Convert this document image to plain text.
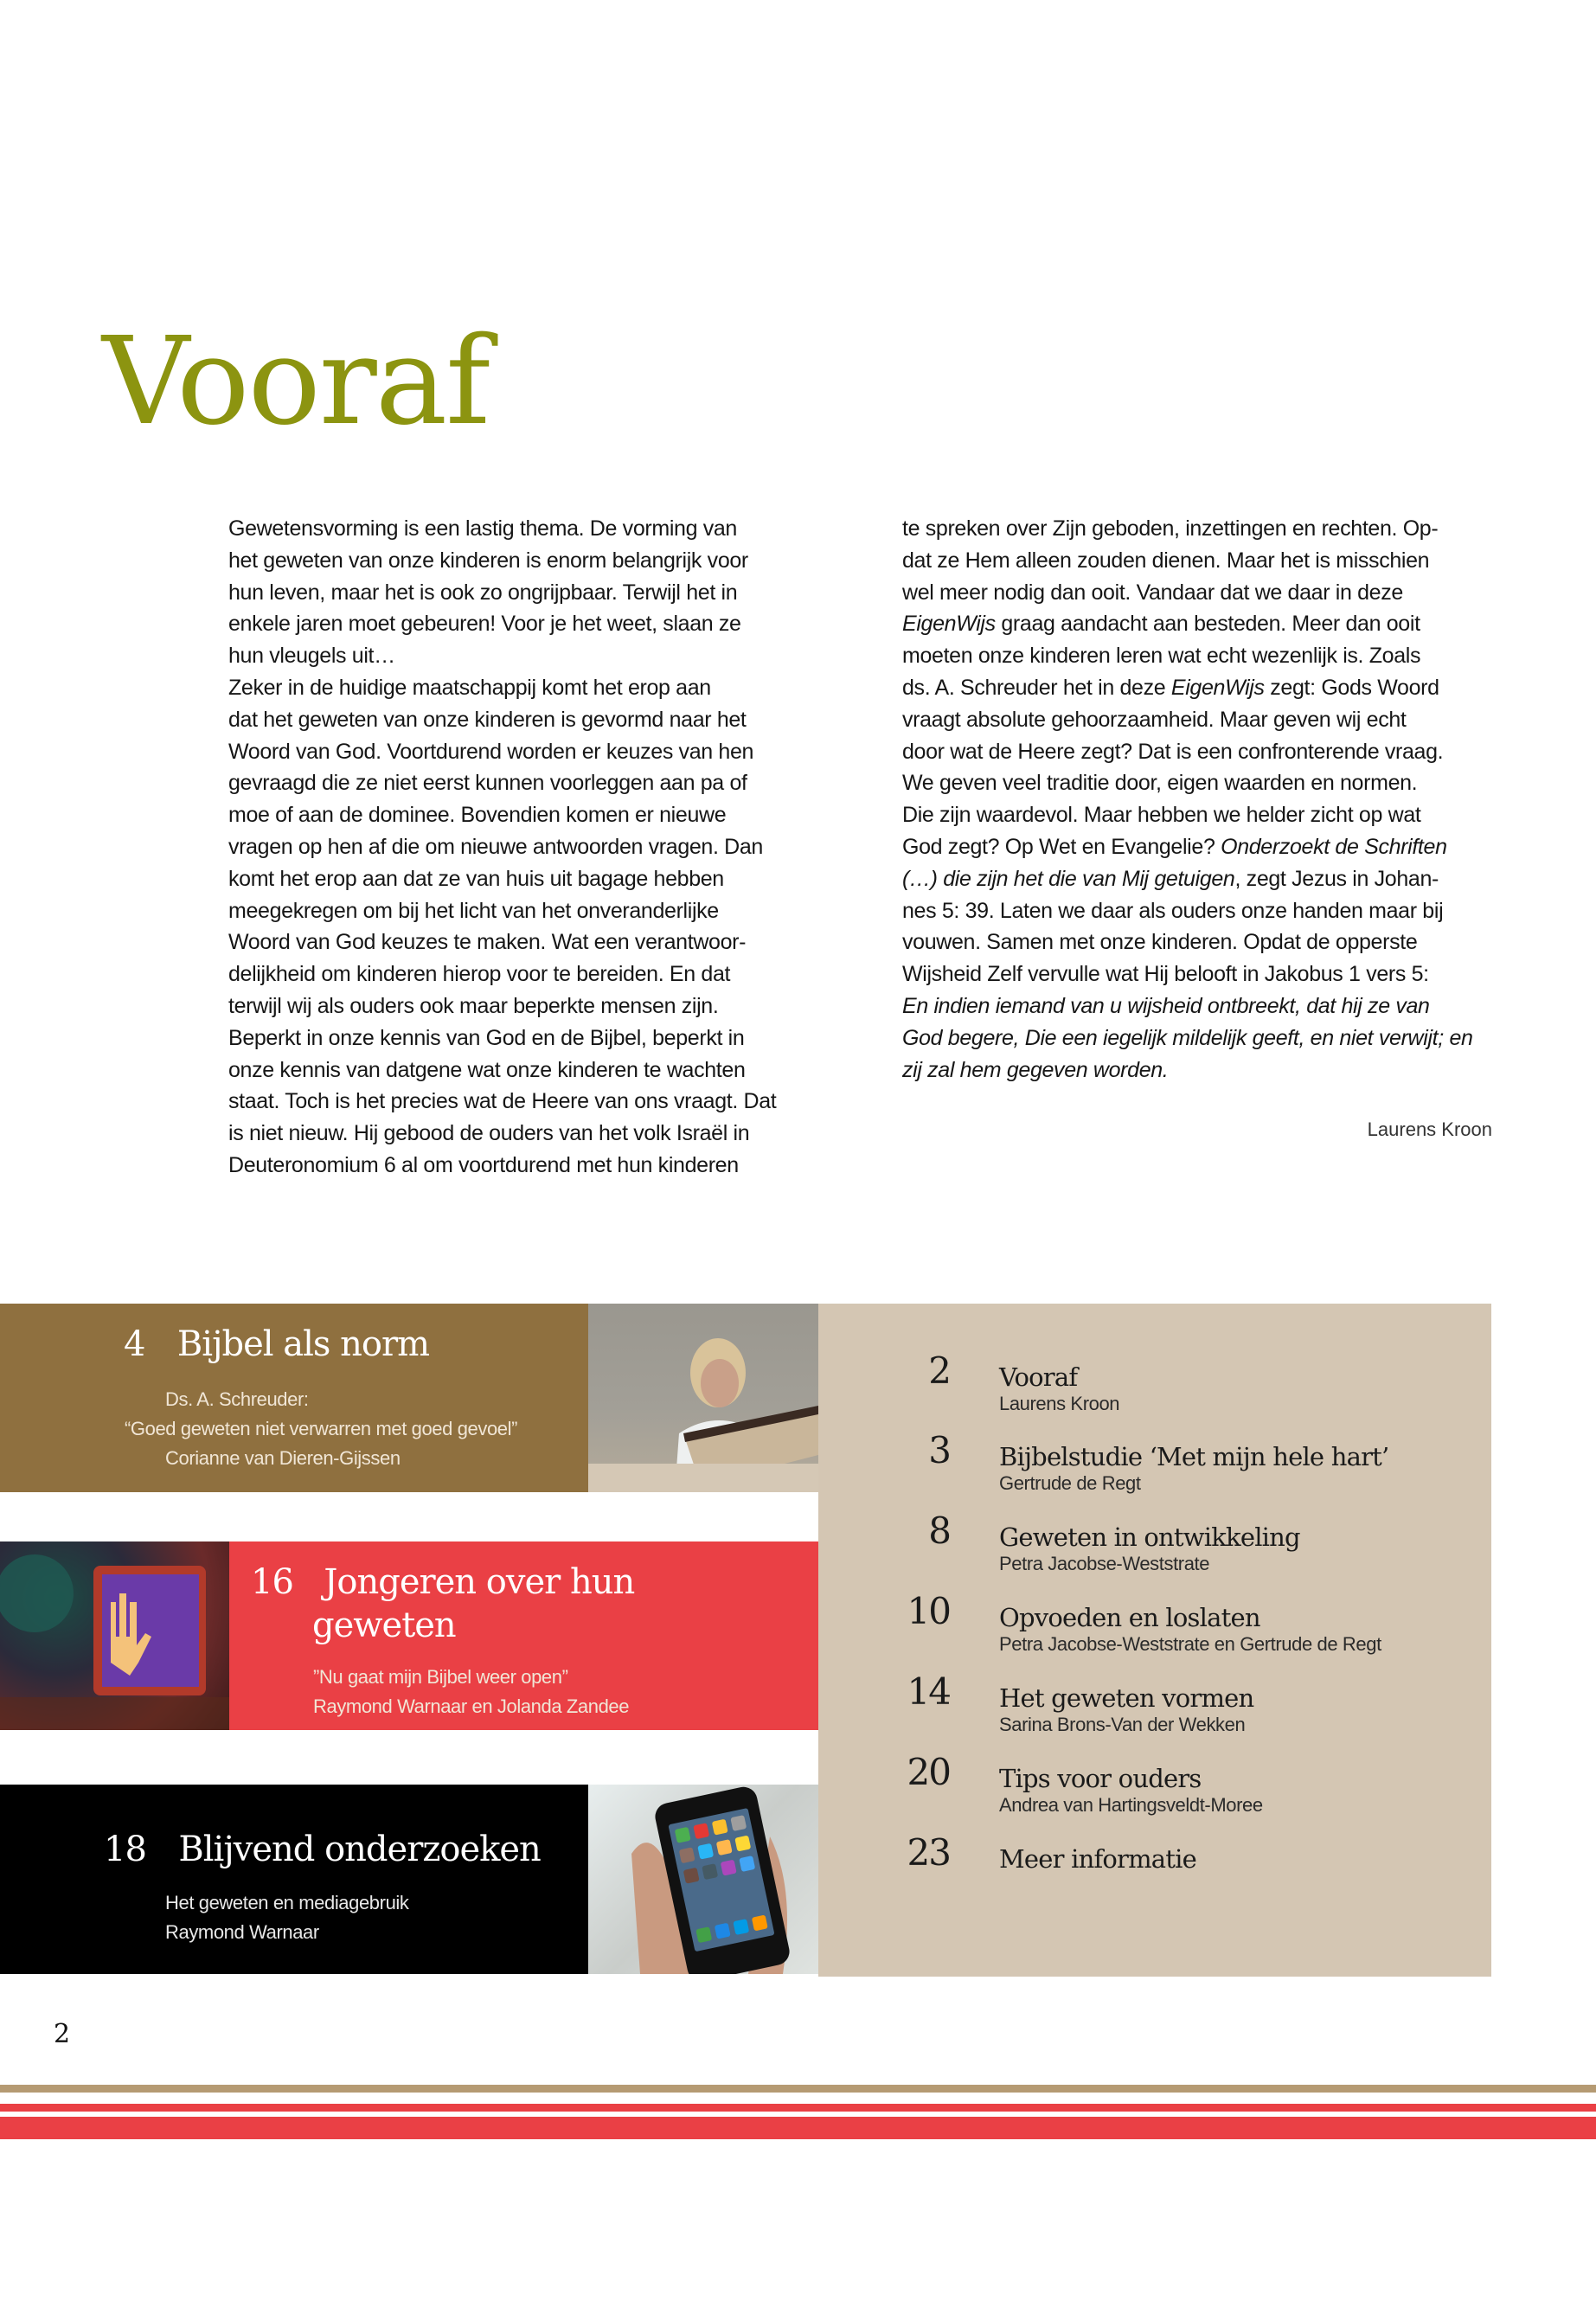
Vooraf
Gewetensvorming is een lastig thema. De vorming van
het geweten van onze kinderen is enorm belangrijk voor
hun leven, maar het is ook zo ongrijpbaar. Terwijl het in
enkele jaren moet gebeuren! Voor je het weet, slaan ze
hun vleugels uit…
Zeker in de huidige maatschappij komt het erop aan
dat het geweten van onze kinderen is gevormd naar het
Woord van God. Voortdurend worden er keuzes van hen
gevraagd die ze niet eerst kunnen voorleggen aan pa of
moe of aan de dominee. Bovendien komen er nieuwe
vragen op hen af die om nieuwe antwoorden vragen. Dan
komt het erop aan dat ze van huis uit bagage hebben
meegekregen om bij het licht van het onveranderlijke
Woord van God keuzes te maken. Wat een verantwoor-
delijkheid om kinderen hierop voor te bereiden. En dat
terwijl wij als ouders ook maar beperkte mensen zijn.
Beperkt in onze kennis van God en de Bijbel, beperkt in
onze kennis van datgene wat onze kinderen te wachten
staat. Toch is het precies wat de Heere van ons vraagt. Dat
is niet nieuw. Hij gebood de ouders van het volk Israël in
Deuteronomium 6 al om voortdurend met hun kinderen
te spreken over Zijn geboden, inzettingen en rechten. Op-
dat ze Hem alleen zouden dienen. Maar het is misschien
wel meer nodig dan ooit. Vandaar dat we daar in deze
EigenWijs graag aandacht aan besteden. Meer dan ooit
moeten onze kinderen leren wat echt wezenlijk is. Zoals
ds. A. Schreuder het in deze EigenWijs zegt: Gods Woord
vraagt absolute gehoorzaamheid. Maar geven wij echt
door wat de Heere zegt? Dat is een confronterende vraag.
We geven veel traditie door, eigen waarden en normen.
Die zijn waardevol. Maar hebben we helder zicht op wat
God zegt? Op Wet en Evangelie? Onderzoekt de Schriften
(…) die zijn het die van Mij getuigen, zegt Jezus in Johan-
nes 5: 39. Laten we daar als ouders onze handen maar bij
vouwen. Samen met onze kinderen. Opdat de opperste
Wijsheid Zelf vervulle wat Hij belooft in Jakobus 1 vers 5:
En indien iemand van u wijsheid ontbreekt, dat hij ze van
God begere, Die een iegelijk mildelijk geeft, en niet verwijt; en
zij zal hem gegeven worden.
Laurens Kroon
4 Bijbel als norm
Ds. A. Schreuder:
“Goed geweten niet verwarren met goed gevoel”
Corianne van Dieren-Gijssen
16 Jongeren over hun
geweten
”Nu gaat mijn Bijbel weer open”
Raymond Warnaar en Jolanda Zandee
18 Blijvend onderzoeken
Het geweten en mediagebruik
Raymond Warnaar
2 Vooraf
Laurens Kroon
3 Bijbelstudie ‘Met mijn hele hart’
Gertrude de Regt
8 Geweten in ontwikkeling
Petra Jacobse-Weststrate
10 Opvoeden en loslaten
Petra Jacobse-Weststrate en Gertrude de Regt
14 Het geweten vormen
Sarina Brons-Van der Wekken
20 Tips voor ouders
Andrea van Hartingsveldt-Moree
23 Meer informatie
2
